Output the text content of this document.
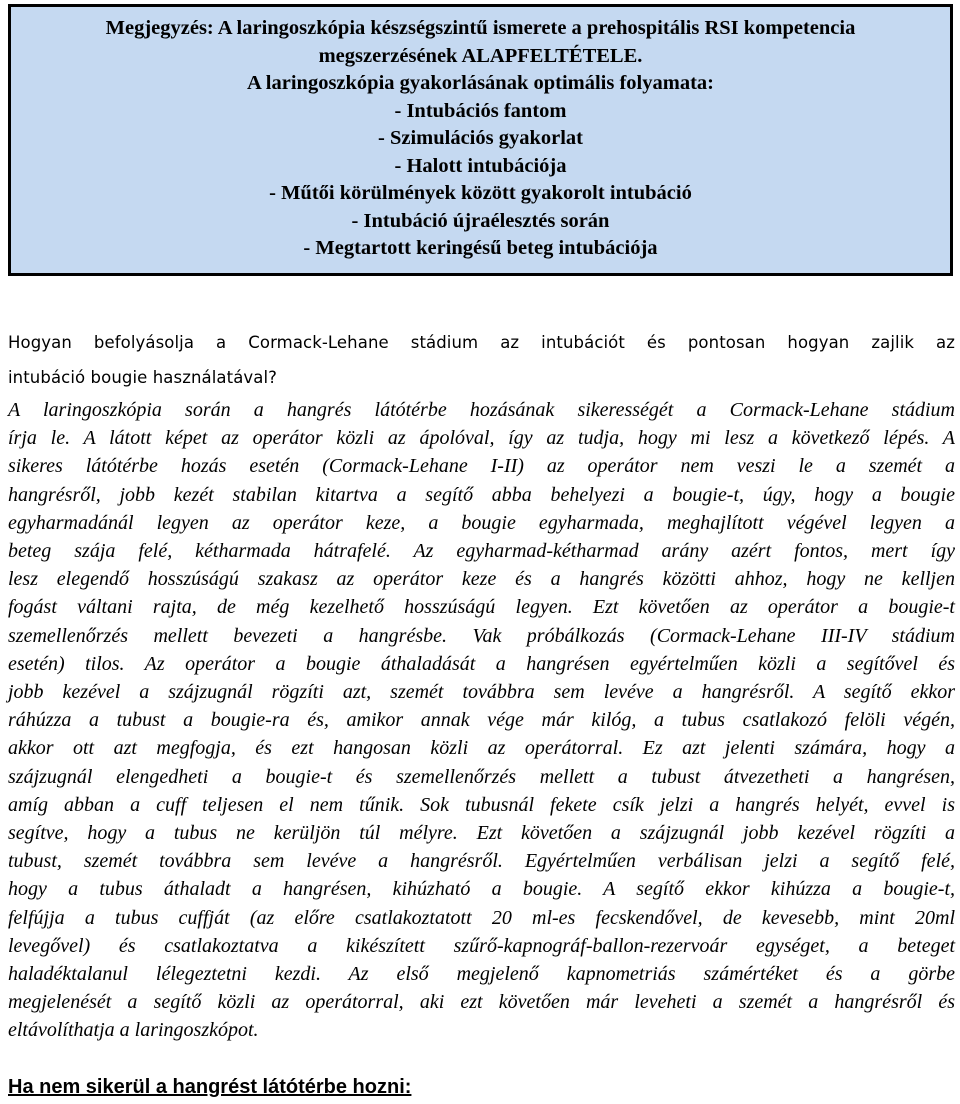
Megjegyzés: A laringoszkópia készségszintű ismerete a prehospitális RSI kompetencia
megszerzésének ALAPFELTÉTELE.
A laringoszkópia gyakorlásának optimális folyamata:
- Intubációs fantom
- Szimulációs gyakorlat
- Halott intubációja
- Műtői körülmények között gyakorolt intubáció
- Intubáció újraélesztés során
- Megtartott keringésű beteg intubációja
Hogyan befolyásolja a Cormack-Lehane stádium az intubációt és pontosan hogyan zajlik az
intubáció bougie használatával?
A laringoszkópia során a hangrés látótérbe hozásának sikerességét a Cormack-Lehane stádium
írja le. A látott képet az operátor közli az ápolóval, így az tudja, hogy mi lesz a következő lépés. A
sikeres látótérbe hozás esetén (Cormack-Lehane I-II) az operátor nem veszi le a szemét a
hangrésről, jobb kezét stabilan kitartva a segítő abba behelyezi a bougie-t, úgy, hogy a bougie
egyharmadánál legyen az operátor keze, a bougie egyharmada, meghajlított végével legyen a
beteg szája felé, kétharmada hátrafelé. Az egyharmad-kétharmad arány azért fontos, mert így
lesz elegendő hosszúságú szakasz az operátor keze és a hangrés közötti ahhoz, hogy ne kelljen
fogást váltani rajta, de még kezelhető hosszúságú legyen. Ezt követően az operátor a bougie-t
szemellenőrzés mellett bevezeti a hangrésbe. Vak próbálkozás (Cormack-Lehane III-IV stádium
esetén) tilos. Az operátor a bougie áthaladását a hangrésen egyértelműen közli a segítővel és
jobb kezével a szájzugnál rögzíti azt, szemét továbbra sem levéve a hangrésről. A segítő ekkor
ráhúzza a tubust a bougie-ra és, amikor annak vége már kilóg, a tubus csatlakozó felöli végén,
akkor ott azt megfogja, és ezt hangosan közli az operátorral. Ez azt jelenti számára, hogy a
szájzugnál elengedheti a bougie-t és szemellenőrzés mellett a tubust átvezetheti a hangrésen,
amíg abban a cuff teljesen el nem tűnik. Sok tubusnál fekete csík jelzi a hangrés helyét, evvel is
segítve, hogy a tubus ne kerüljön túl mélyre. Ezt követően a szájzugnál jobb kezével rögzíti a
tubust, szemét továbbra sem levéve a hangrésről. Egyértelműen verbálisan jelzi a segítő felé,
hogy a tubus áthaladt a hangrésen, kihúzható a bougie. A segítő ekkor kihúzza a bougie-t,
felfújja a tubus cuffját (az előre csatlakoztatott 20 ml-es fecskendővel, de kevesebb, mint 20ml
levegővel) és csatlakoztatva a kikészített szűrő-kapnográf-ballon-rezervoár egységet, a beteget
haladéktalanul lélegeztetni kezdi. Az első megjelenő kapnometriás számértéket és a görbe
megjelenését a segítő közli az operátorral, aki ezt követően már leveheti a szemét a hangrésről és
eltávolíthatja a laringoszkópot.
Ha nem sikerül a hangrést látótérbe hozni:
